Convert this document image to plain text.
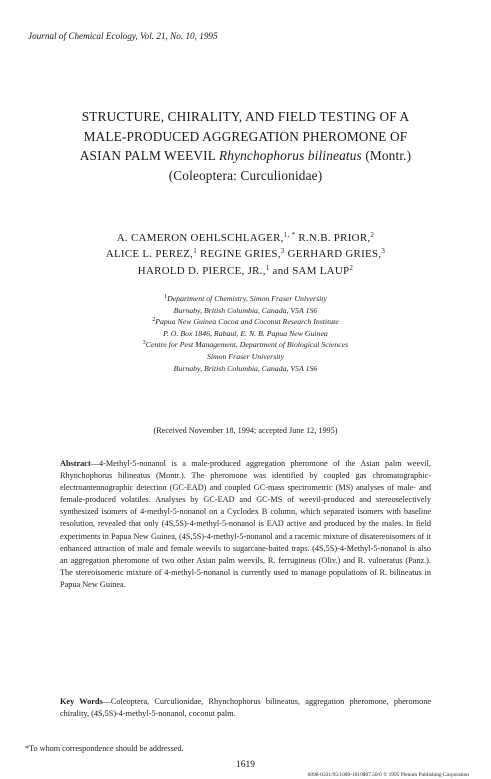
Journal of Chemical Ecology, Vol. 21, No. 10, 1995
STRUCTURE, CHIRALITY, AND FIELD TESTING OF A
MALE-PRODUCED AGGREGATION PHEROMONE OF
ASIAN PALM WEEVIL Rhynchophorus bilineatus (Montr.)
(Coleoptera: Curculionidae)
A. CAMERON OEHLSCHLAGER,$^{1, *}$ R.N.B. PRIOR,$^2$
ALICE L. PEREZ,$^1$ REGINE GRIES,$^3$ GERHARD GRIES,$^3$
HAROLD D. PIERCE, JR.,$^1$ and SAM LAUP$^2$
$^1$Department of Chemistry, Simon Fraser University
Burnaby, British Columbia, Canada, V5A 1S6
$^2$Papua New Guinea Cocoa and Coconut Research Institute
P. O. Box 1846, Rabaul, E. N. B. Papua New Guinea
$^3$Centre for Pest Management, Department of Biological Sciences
Simon Fraser University
Burnaby, British Columbia, Canada, V5A 1S6
(Received November 18, 1994; accepted June 12, 1995)
Abstract—4-Methyl-5-nonanol is a male-produced aggregation pheromone of the Asian palm weevil, Rhynchophorus bilineatus (Montr.). The pheromone was identified by coupled gas chromatographic-electroantennographic detection (GC-EAD) and coupled GC-mass spectrometric (MS) analyses of male- and female-produced volatiles. Analyses by GC-EAD and GC-MS of weevil-produced and stereoselectively synthesized isomers of 4-methyl-5-nonanol on a Cyclodex B column, which separated isomers with baseline resolution, revealed that only (4S,5S)-4-methyl-5-nonanol is EAD active and produced by the males. In field experiments in Papua New Guinea, (4S,5S)-4-methyl-5-nonanol and a racemic mixture of disatereoisomers of it enhanced attraction of male and female weevils to sugarcane-baited traps. (4S,5S)-4-Methyl-5-nonanol is also an aggregation pheromone of two other Asian palm weevils, R. ferrugineus (Oliv.) and R. vulneratus (Panz.). The stereoisomeric mixture of 4-methyl-5-nonanol is currently used to manage populations of R. bilineatus in Papua New Guinea.
Key Words—Coleoptera, Curculionidae, Rhynchophorus bilineatus, aggregation pheromone, pheromone chirality, (4S,5S)-4-methyl-5-nonanol, coconut palm.
*To whom correspondence should be addressed.
1619
0098-0331/95/1000-1619$07.50/0 © 1995 Plenum Publishing Corporation
